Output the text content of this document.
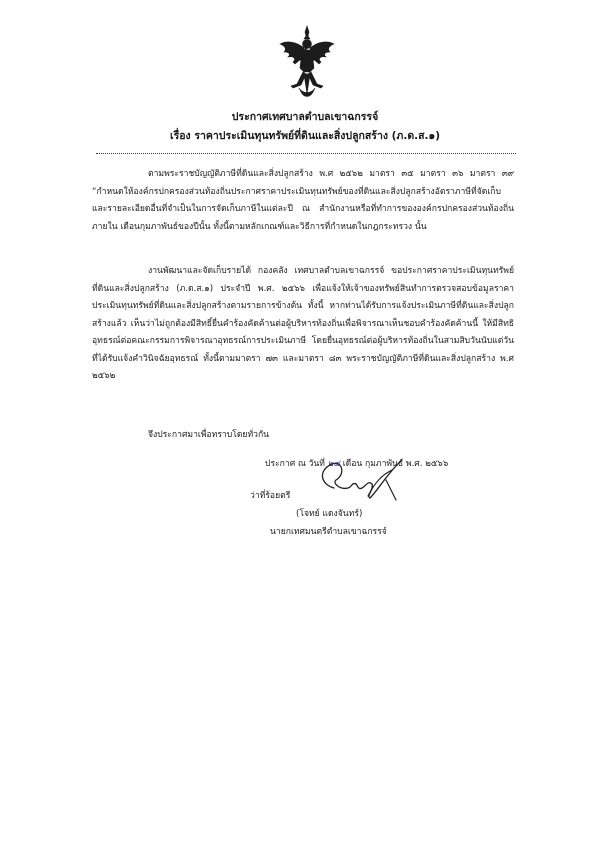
ประกาศเทศบาลตำบลเขาฉกรรจ์
เรื่อง ราคาประเมินทุนทรัพย์ที่ดินและสิ่งปลูกสร้าง (ภ.ด.ส.๑)

ตามพระราชบัญญัติภาษีที่ดินและสิ่งปลูกสร้าง พ.ศ ๒๕๖๒ มาตรา ๓๕ มาตรา ๓๖ มาตรา ๓๙ “กำหนดให้องค์กรปกครองส่วนท้องถิ่นประกาศราคาประเมินทุนทรัพย์ของที่ดินและสิ่งปลูกสร้างอัตราภาษีที่จัดเก็บ และรายละเอียดอื่นที่จำเป็นในการจัดเก็บภาษีในแต่ละปี ณ สำนักงานหรือที่ทำการขององค์กรปกครองส่วนท้องถิ่นภายใน เดือนกุมภาพันธ์ของปีนั้น ทั้งนี้ตามหลักเกณฑ์และวิธีการที่กำหนดในกฎกระทรวง นั้น

งานพัฒนาและจัดเก็บรายได้ กองคลัง เทศบาลตำบลเขาฉกรรจ์ ขอประกาศราคาประเมินทุนทรัพย์ที่ดินและสิ่งปลูกสร้าง (ภ.ด.ส.๑) ประจำปี พ.ศ. ๒๕๖๖ เพื่อแจ้งให้เจ้าของทรัพย์สินทำการตรวจสอบข้อมูลราคาประเมินทุนทรัพย์ที่ดินและสิ่งปลูกสร้างตามรายการข้างต้น ทั้งนี้ หากท่านได้รับการแจ้งประเมินภาษีที่ดินและสิ่งปลูกสร้างแล้ว เห็นว่าไม่ถูกต้องมีสิทธิ์ยื่นคำร้องคัดค้านต่อผู้บริหารท้องถิ่นเพื่อพิจารณาเห็นชอบคำร้องคัดค้านนี้ ให้มีสิทธิอุทธรณ์ต่อคณะกรรมการพิจารณาอุทธรณ์การประเมินภาษี โดยยื่นอุทธรณ์ต่อผู้บริหารท้องถิ่นในสามสิบวันนับแต่วันที่ได้รับแจ้งคำวินิจฉัยอุทธรณ์ ทั้งนี้ตามมาตรา ๗๓ และมาตรา ๘๓ พระราชบัญญัติภาษีที่ดินและสิ่งปลูกสร้าง พ.ศ ๒๕๖๒

จึงประกาศมาเพื่อทราบโดยทั่วกัน

ประกาศ ณ วันที่ ๒๘ เดือน กุมภาพันธ์ พ.ศ. ๒๕๖๖
ว่าที่ร้อยตรี
(โจทย์ แดงจันทร์)
นายกเทศมนตรีตำบลเขาฉกรรจ์
